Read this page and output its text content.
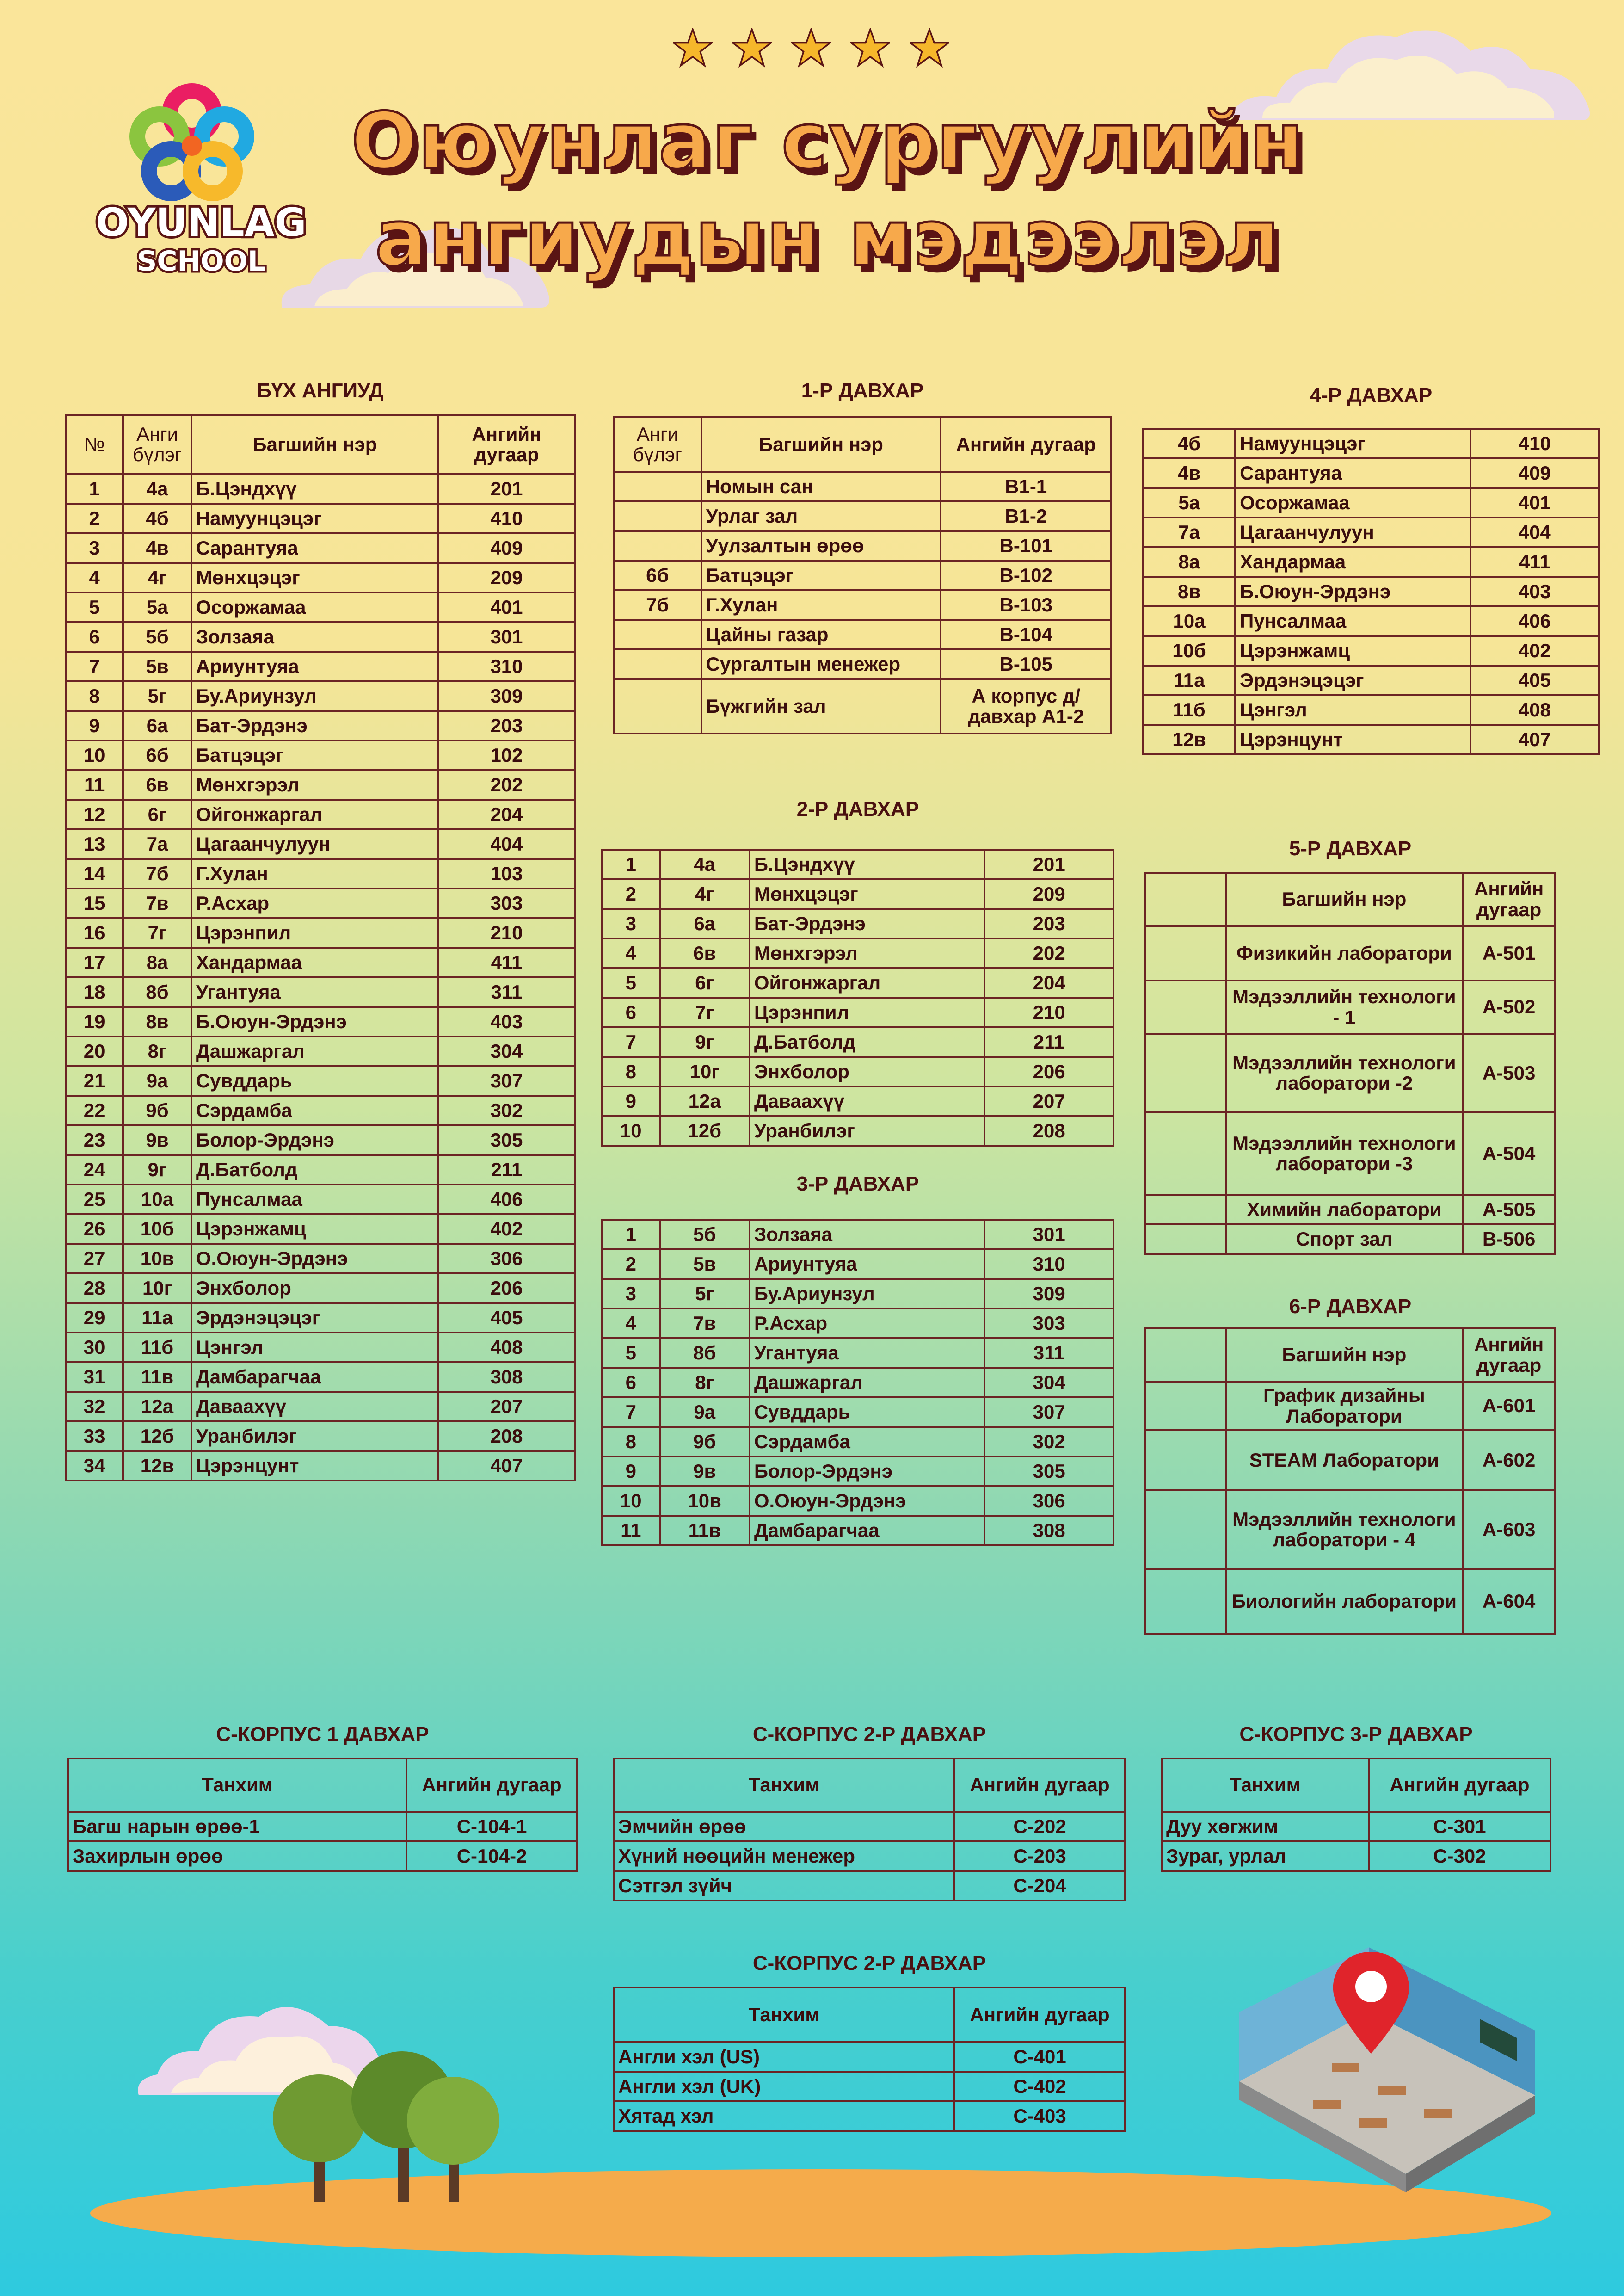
OYUNLAG
SCHOOL
Оюунлаг сургуулийн
ангиудын мэдээлэл
БҮХ АНГИУД
№	Анги бүлэг	Багшийн нэр	Ангийн дугаар
1	4а	Б.Цэндхүү	201
2	4б	Намуунцэцэг	410
3	4в	Сарантуяа	409
4	4г	Мөнхцэцэг	209
5	5а	Осоржамаа	401
6	5б	Золзаяа	301
7	5в	Ариунтуяа	310
8	5г	Бу.Ариунзул	309
9	6а	Бат-Эрдэнэ	203
10	6б	Батцэцэг	102
11	6в	Мөнхгэрэл	202
12	6г	Ойгонжаргал	204
13	7а	Цагаанчулуун	404
14	7б	Г.Хулан	103
15	7в	Р.Асхар	303
16	7г	Цэрэнпил	210
17	8а	Хандармаа	411
18	8б	Угантуяа	311
19	8в	Б.Оюун-Эрдэнэ	403
20	8г	Дашжаргал	304
21	9а	Сувддарь	307
22	9б	Сэрдамба	302
23	9в	Болор-Эрдэнэ	305
24	9г	Д.Батболд	211
25	10а	Пунсалмаа	406
26	10б	Цэрэнжамц	402
27	10в	О.Оюун-Эрдэнэ	306
28	10г	Энхболор	206
29	11а	Эрдэнэцэцэг	405
30	11б	Цэнгэл	408
31	11в	Дамбарагчаа	308
32	12а	Даваахүү	207
33	12б	Уранбилэг	208
34	12в	Цэрэнцунт	407
1-Р ДАВХАР
Анги бүлэг	Багшийн нэр	Ангийн дугаар
	Номын сан	B1-1
	Урлаг зал	B1-2
	Уулзалтын өрөө	B-101
6б	Батцэцэг	B-102
7б	Г.Хулан	B-103
	Цайны газар	B-104
	Сургалтын менежер	B-105
	Бүжгийн зал	А корпус д/давхар А1-2
2-Р ДАВХАР
1	4а	Б.Цэндхүү	201
2	4г	Мөнхцэцэг	209
3	6а	Бат-Эрдэнэ	203
4	6в	Мөнхгэрэл	202
5	6г	Ойгонжаргал	204
6	7г	Цэрэнпил	210
7	9г	Д.Батболд	211
8	10г	Энхболор	206
9	12а	Даваахүү	207
10	12б	Уранбилэг	208
3-Р ДАВХАР
1	5б	Золзаяа	301
2	5в	Ариунтуяа	310
3	5г	Бу.Ариунзул	309
4	7в	Р.Асхар	303
5	8б	Угантуяа	311
6	8г	Дашжаргал	304
7	9а	Сувддарь	307
8	9б	Сэрдамба	302
9	9в	Болор-Эрдэнэ	305
10	10в	О.Оюун-Эрдэнэ	306
11	11в	Дамбарагчаа	308
4-Р ДАВХАР
4б	Намуунцэцэг	410
4в	Сарантуяа	409
5а	Осоржамаа	401
7а	Цагаанчулуун	404
8а	Хандармаа	411
8в	Б.Оюун-Эрдэнэ	403
10а	Пунсалмаа	406
10б	Цэрэнжамц	402
11а	Эрдэнэцэцэг	405
11б	Цэнгэл	408
12в	Цэрэнцунт	407
5-Р ДАВХАР
	Багшийн нэр	Ангийн дугаар
	Физикийн лаборатори	A-501
	Мэдээллийн технологи - 1	A-502
	Мэдээллийн технологи лаборатори -2	A-503
	Мэдээллийн технологи лаборатори -3	A-504
	Химийн лаборатори	A-505
	Спорт зал	B-506
6-Р ДАВХАР
	Багшийн нэр	Ангийн дугаар
	График дизайны Лаборатори	A-601
	STEAM Лаборатори	A-602
	Мэдээллийн технологи лаборатори - 4	A-603
	Биологийн лаборатори	A-604
С-КОРПУС 1 ДАВХАР
Танхим	Ангийн дугаар
Багш нарын өрөө-1	C-104-1
Захирлын өрөө	C-104-2
С-КОРПУС 2-Р ДАВХАР
Танхим	Ангийн дугаар
Эмчийн өрөө	C-202
Хүний нөөцийн менежер	C-203
Сэтгэл зүйч	C-204
С-КОРПУС 3-Р ДАВХАР
Танхим	Ангийн дугаар
Дуу хөгжим	C-301
Зураг, урлал	C-302
С-КОРПУС 2-Р ДАВХАР
Танхим	Ангийн дугаар
Англи хэл (US)	C-401
Англи хэл (UK)	C-402
Хятад хэл	C-403
